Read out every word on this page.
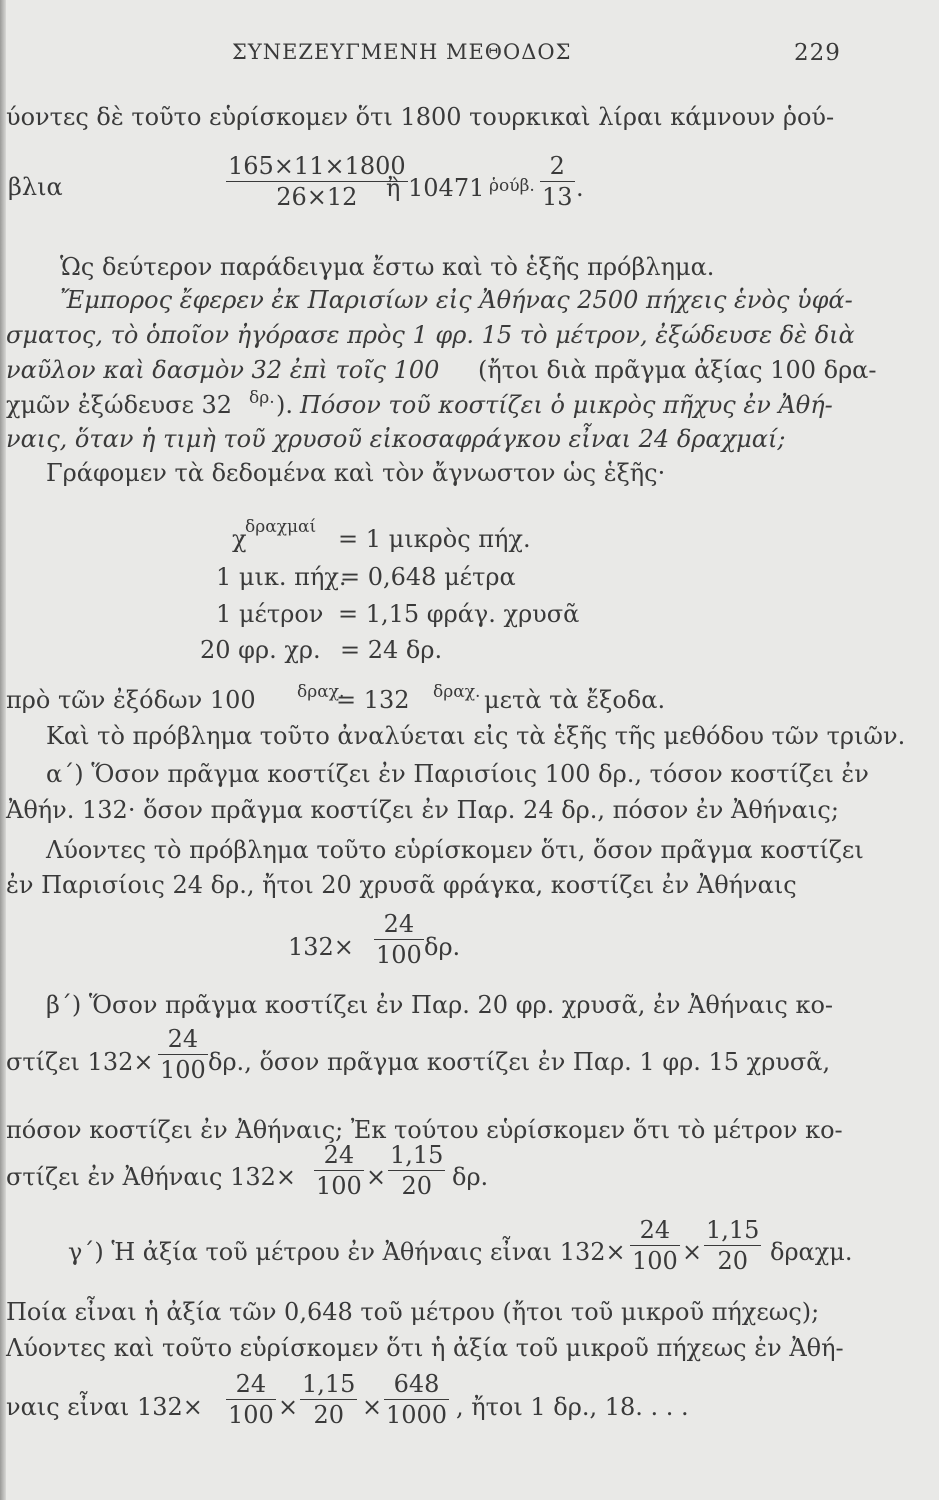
ΣΥΝΕΖΕΥΓΜΕΝΗ ΜΕΘΟΔΟΣ	229
ύοντες δὲ τοῦτο εὑρίσκομεν ὅτι 1800 τουρκικαὶ λίραι κάμνουν ῥού-
βλια	$\frac{165\times 11\times 1800}{26\times 12}$
ἢ 10471 ῥούβ. $\frac{2}{13}$ .
Ὡς δεύτερον παράδειγμα ἔστω καὶ τὸ ἑξῆς πρόβλημα.
Ἔμπορος ἔφερεν ἐκ Παρισίων εἰς Ἀθήνας 2500 πήχεις ἑνὸς ὑφά-
σματος, τὸ ὁποῖον ἠγόρασε πρὸς 1 φρ. 15 τὸ μέτρον, ἐξώδευσε δὲ διὰ
ναῦλον καὶ δασμὸν 32 ἐπὶ τοῖς 100 (ἤτοι διὰ πρᾶγμα ἀξίας 100 δρα-
χμῶν ἐξώδευσε 32 δρ. ). Πόσον τοῦ κοστίζει ὁ μικρὸς πῆχυς ἐν Ἀθή-
ναις, ὅταν ἡ τιμὴ τοῦ χρυσοῦ εἰκοσαφράγκου εἶναι 24 δραχμαί;
Γράφομεν τὰ δεδομένα καὶ τὸν ἄγνωστον ὡς ἑξῆς·
χ
δραχμαί = 1 μικρὸς πήχ.
1 μικ. πήχ.
= 0,648 μέτρα
1 μέτρον = 1,15 φράγ. χρυσᾶ
20 φρ. χρ. = 24 δρ.
πρὸ τῶν ἐξόδων 100 δραχ.
= 132 δραχ. μετὰ τὰ ἔξοδα.
Καὶ τὸ πρόβλημα τοῦτο ἀναλύεται εἰς τὰ ἑξῆς τῆς μεθόδου τῶν τριῶν.
α΄) Ὅσον πρᾶγμα κοστίζει ἐν Παρισίοις 100 δρ., τόσον κοστίζει ἐν
Ἀθήν. 132· ὅσον πρᾶγμα κοστίζει ἐν Παρ. 24 δρ., πόσον ἐν Ἀθήναις;
Λύοντες τὸ πρόβλημα τοῦτο εὑρίσκομεν ὅτι, ὅσον πρᾶγμα κοστίζει
ἐν Παρισίοις 24 δρ., ἤτοι 20 χρυσᾶ φράγκα, κοστίζει ἐν Ἀθήναις
$132\times \frac{24}{100} \delta\rho$.
β΄) Ὅσον πρᾶγμα κοστίζει ἐν Παρ. 20 φρ. χρυσᾶ, ἐν Ἀθήναις κο-
στίζει $132\times \frac{24}{100} \delta\rho$., ὅσον πρᾶγμα κοστίζει ἐν Παρ. 1 φρ. 15 χρυσᾶ,
πόσον κοστίζει ἐν Ἀθήναις; Ἐκ τούτου εὑρίσκομεν ὅτι τὸ μέτρον κο-
στίζει ἐν Ἀθήναις $132\times \frac{24}{100} \times \frac{1,15}{20} \delta\rho$.
γ΄) Ἡ ἀξία τοῦ μέτρου ἐν Ἀθήναις εἶναι $132\times \frac{24}{100} \times \frac{1,15}{20} \delta\rho\alpha\chi\mu$.
Ποία εἶναι ἡ ἀξία τῶν 0,648 τοῦ μέτρου (ἤτοι τοῦ μικροῦ πήχεως);
Λύοντες καὶ τοῦτο εὑρίσκομεν ὅτι ἡ ἀξία τοῦ μικροῦ πήχεως ἐν Ἀθή-
ναις εἶναι $132\times \frac{24}{100} \times \frac{1,15}{20} \times \frac{648}{1000}$ , ἤτοι 1 δρ., 18. . . .
